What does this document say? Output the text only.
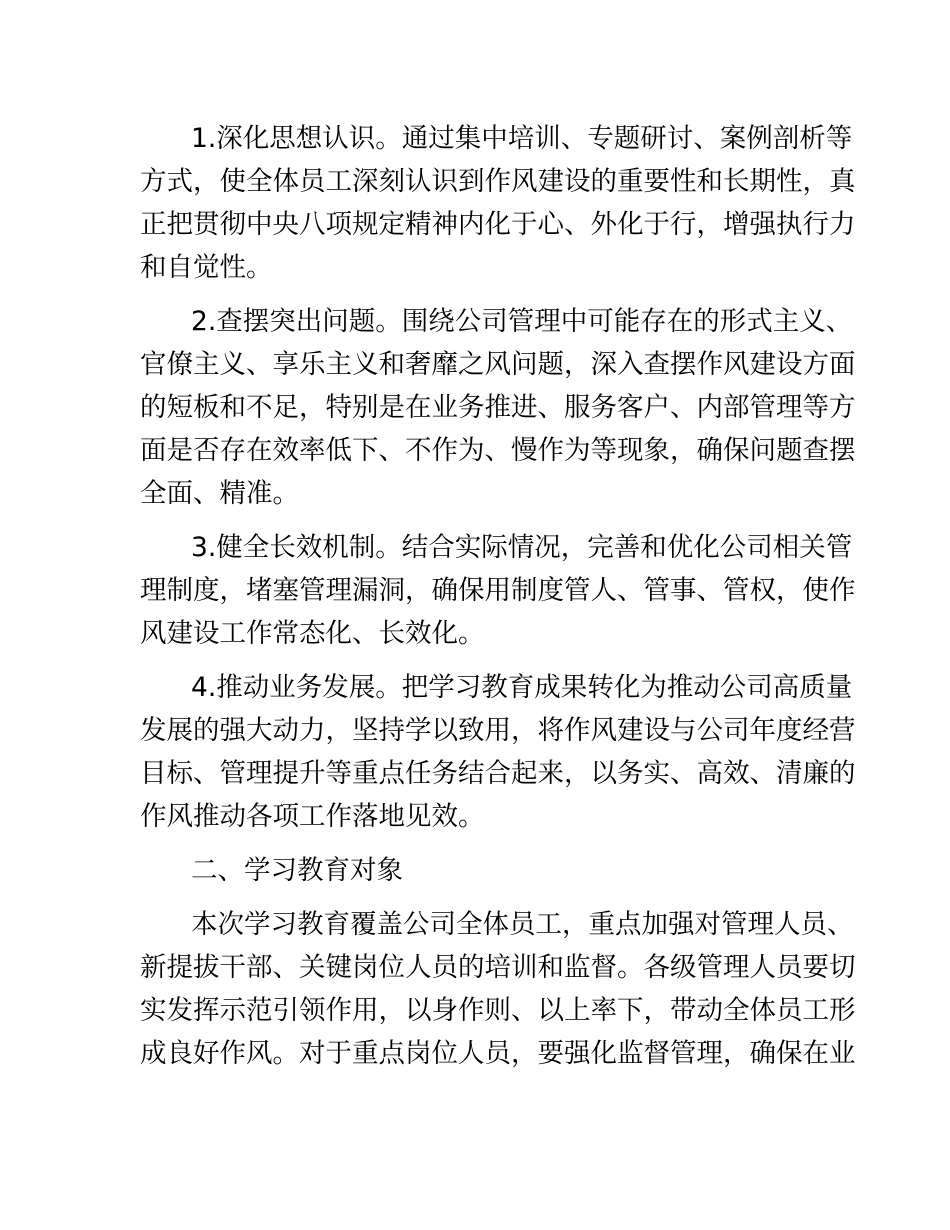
1.深化思想认识。通过集中培训、专题研讨、案例剖析等
方式，使全体员工深刻认识到作风建设的重要性和长期性，真
正把贯彻中央八项规定精神内化于心、外化于行，增强执行力
和自觉性。
2.查摆突出问题。围绕公司管理中可能存在的形式主义、
官僚主义、享乐主义和奢靡之风问题，深入查摆作风建设方面
的短板和不足，特别是在业务推进、服务客户、内部管理等方
面是否存在效率低下、不作为、慢作为等现象，确保问题查摆
全面、精准。
3.健全长效机制。结合实际情况，完善和优化公司相关管
理制度，堵塞管理漏洞，确保用制度管人、管事、管权，使作
风建设工作常态化、长效化。
4.推动业务发展。把学习教育成果转化为推动公司高质量
发展的强大动力，坚持学以致用，将作风建设与公司年度经营
目标、管理提升等重点任务结合起来，以务实、高效、清廉的
作风推动各项工作落地见效。
二、学习教育对象
本次学习教育覆盖公司全体员工，重点加强对管理人员、
新提拔干部、关键岗位人员的培训和监督。各级管理人员要切
实发挥示范引领作用，以身作则、以上率下，带动全体员工形
成良好作风。对于重点岗位人员，要强化监督管理，确保在业
